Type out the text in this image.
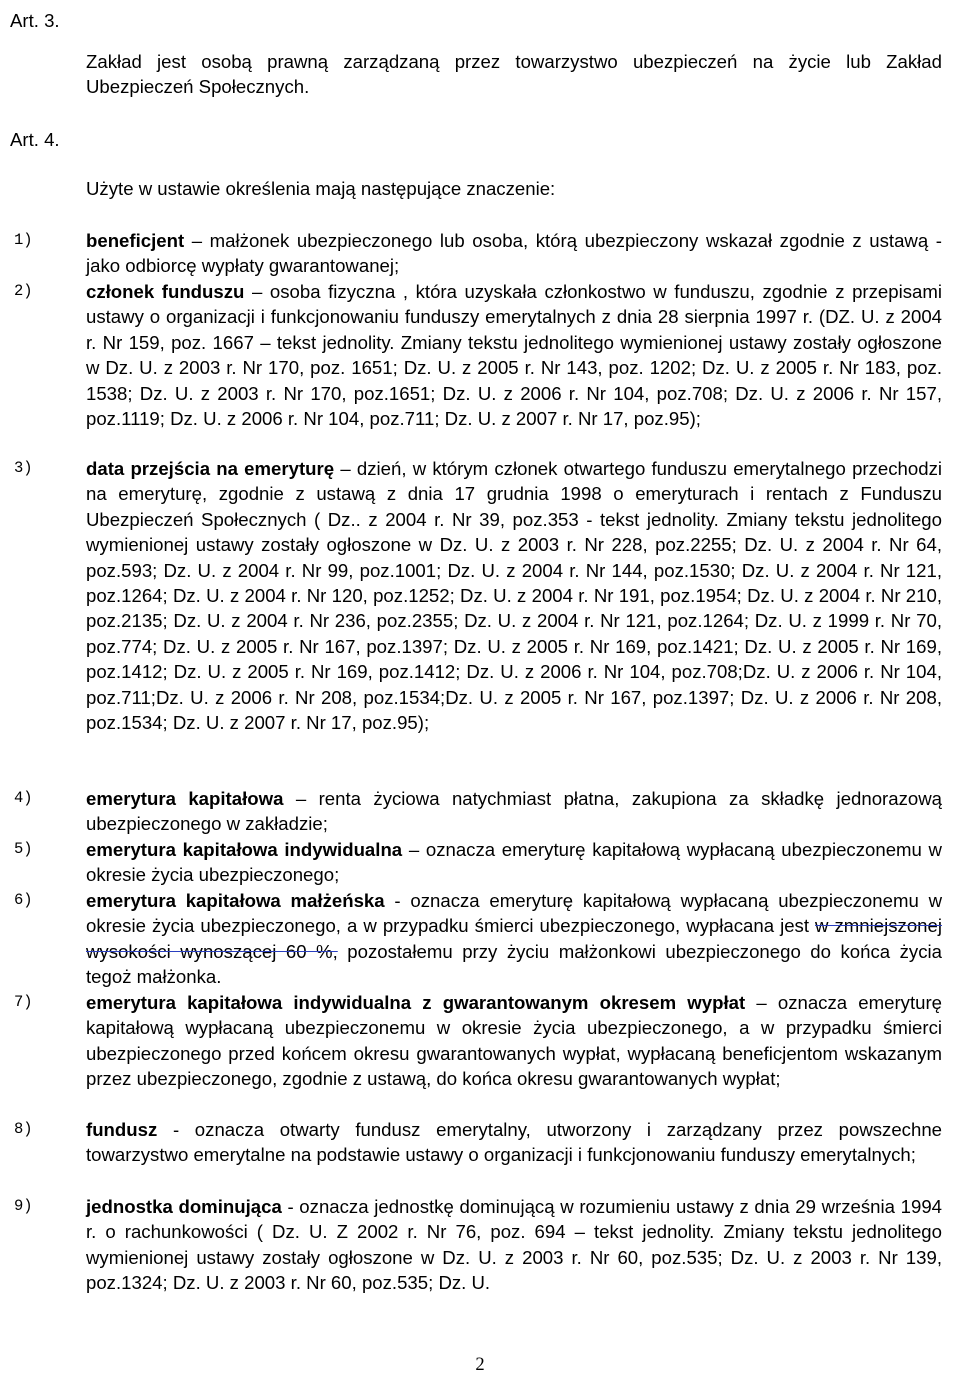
Art. 3.

Zakład jest osobą prawną zarządzaną przez towarzystwo ubezpieczeń na życie lub Zakład Ubezpieczeń Społecznych.

Art. 4.

Użyte w ustawie określenia mają następujące znaczenie:

1)	beneficjent – małżonek ubezpieczonego lub osoba, którą ubezpieczony wskazał zgodnie z ustawą - jako odbiorcę wypłaty gwarantowanej;

2)	członek funduszu – osoba fizyczna , która uzyskała członkostwo w funduszu, zgodnie z przepisami ustawy o organizacji i funkcjonowaniu funduszy emerytalnych z dnia 28 sierpnia 1997 r. (DZ. U. z 2004 r. Nr 159, poz. 1667 – tekst jednolity. Zmiany tekstu jednolitego wymienionej ustawy zostały ogłoszone w Dz. U. z 2003 r. Nr 170, poz. 1651; Dz. U. z 2005 r. Nr 143, poz. 1202; Dz. U. z 2005 r. Nr 183, poz. 1538; Dz. U. z 2003 r. Nr 170, poz.1651; Dz. U. z 2006 r. Nr 104, poz.708; Dz. U. z 2006 r. Nr 157, poz.1119; Dz. U. z 2006 r. Nr 104, poz.711; Dz. U. z 2007 r. Nr 17, poz.95);

3)	data przejścia na emeryturę – dzień, w którym członek otwartego funduszu emerytalnego przechodzi na emeryturę, zgodnie z ustawą z dnia 17 grudnia 1998 o emeryturach i rentach z Funduszu Ubezpieczeń Społecznych ( Dz.. z 2004 r. Nr 39, poz.353 - tekst jednolity. Zmiany tekstu jednolitego wymienionej ustawy zostały ogłoszone w Dz. U. z 2003 r. Nr 228, poz.2255; Dz. U. z 2004 r. Nr 64, poz.593; Dz. U. z 2004 r. Nr 99, poz.1001; Dz. U. z 2004 r. Nr 144, poz.1530; Dz. U. z 2004 r. Nr 121, poz.1264; Dz. U. z 2004 r. Nr 120, poz.1252; Dz. U. z 2004 r. Nr 191, poz.1954; Dz. U. z 2004 r. Nr 210, poz.2135; Dz. U. z 2004 r. Nr 236, poz.2355; Dz. U. z 2004 r. Nr 121, poz.1264; Dz. U. z 1999 r. Nr 70, poz.774; Dz. U. z 2005 r. Nr 167, poz.1397; Dz. U. z 2005 r. Nr 169, poz.1421; Dz. U. z 2005 r. Nr 169, poz.1412; Dz. U. z 2005 r. Nr 169, poz.1412; Dz. U. z 2006 r. Nr 104, poz.708;Dz. U. z 2006 r. Nr 104, poz.711;Dz. U. z 2006 r. Nr 208, poz.1534;Dz. U. z 2005 r. Nr 167, poz.1397; Dz. U. z 2006 r. Nr 208, poz.1534; Dz. U. z 2007 r. Nr 17, poz.95);

4)	emerytura kapitałowa – renta życiowa natychmiast płatna, zakupiona za składkę jednorazową ubezpieczonego w zakładzie;

5)	emerytura kapitałowa indywidualna – oznacza emeryturę kapitałową wypłacaną ubezpieczonemu w okresie życia ubezpieczonego;

6)	emerytura kapitałowa małżeńska - oznacza emeryturę kapitałową wypłacaną ubezpieczonemu w okresie życia ubezpieczonego, a w przypadku śmierci ubezpieczonego, wypłacana jest w zmniejszonej wysokości wynoszącej 60 %, pozostałemu przy życiu małżonkowi ubezpieczonego do końca życia tegoż małżonka.

7)	emerytura kapitałowa indywidualna z gwarantowanym okresem wypłat – oznacza emeryturę kapitałową wypłacaną ubezpieczonemu w okresie życia ubezpieczonego, a w przypadku śmierci ubezpieczonego przed końcem okresu gwarantowanych wypłat, wypłacaną beneficjentom wskazanym przez ubezpieczonego, zgodnie z ustawą, do końca okresu gwarantowanych wypłat;

8)	fundusz - oznacza otwarty fundusz emerytalny, utworzony i zarządzany przez powszechne towarzystwo emerytalne na podstawie ustawy o organizacji i funkcjonowaniu funduszy emerytalnych;

9)	jednostka dominująca - oznacza jednostkę dominującą w rozumieniu ustawy z dnia 29 września 1994 r. o rachunkowości ( Dz. U. Z 2002 r. Nr 76, poz. 694 – tekst jednolity. Zmiany tekstu jednolitego wymienionej ustawy zostały ogłoszone w Dz. U. z 2003 r. Nr 60, poz.535; Dz. U. z 2003 r. Nr 139, poz.1324; Dz. U. z 2003 r. Nr 60, poz.535; Dz. U.

2
